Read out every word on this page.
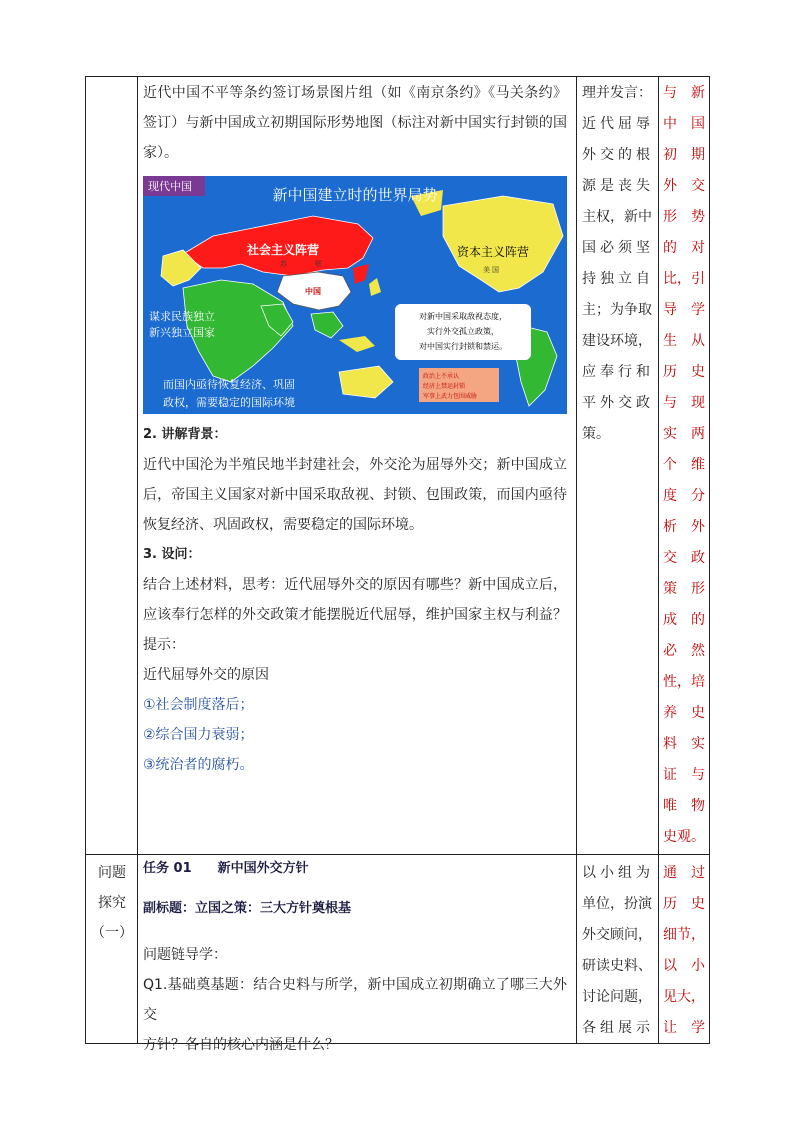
近代中国不平等条约签订场景图片组（如《南京条约》《马关条约》

签订）与新中国成立初期国际形势地图（标注对新中国实行封锁的国

家）。

现代中国	新中国建立时的世界局势
社会主义阵营
苏	联
中国
资本主义阵营
美 国
谋求民族独立
新兴独立国家
对新中国采取敌视态度，
实行外交孤立政策，
对中国实行封锁和禁运。
政治上不承认
经济上禁运封锁
军事上武力包围威胁
而国内亟待恢复经济、巩固
政权，需要稳定的国际环境

2. 讲解背景：

近代中国沦为半殖民地半封建社会，外交沦为屈辱外交；新中国成立

后，帝国主义国家对新中国采取敌视、封锁、包围政策，而国内亟待

恢复经济、巩固政权，需要稳定的国际环境。

3. 设问：

结合上述材料，思考：近代屈辱外交的原因有哪些？新中国成立后，

应该奉行怎样的外交政策才能摆脱近代屈辱，维护国家主权与利益？

提示：

近代屈辱外交的原因

①社会制度落后；

②综合国力衰弱；

③统治者的腐朽。

理并发言：
近代屈辱
外交的根
源是丧失
主权，新中
国必须坚
持独立自
主；为争取
建设环境，
应奉行和
平外交政
策。
与　新
中　国
初　期
外　交
形　势
的　对
比，引
导　学
生　从
历　史
与　现
实　两
个　维
度　分
析　外
交　政
策　形
成　的
必　然
性，培
养　史
料　实
证　与
唯　物
史观。
问题
探究
（一）
任务 01　　新中国外交方针
副标题：立国之策：三大方针奠根基
问题链导学：
Q1.基础奠基题：结合史料与所学，新中国成立初期确立了哪三大外交
方针？各自的核心内涵是什么？
以小组为
单位，扮演
外交顾问，
研读史料、
讨论问题，
各组展示
通　过
历　史
细节，
以　小
见大，
让　学
